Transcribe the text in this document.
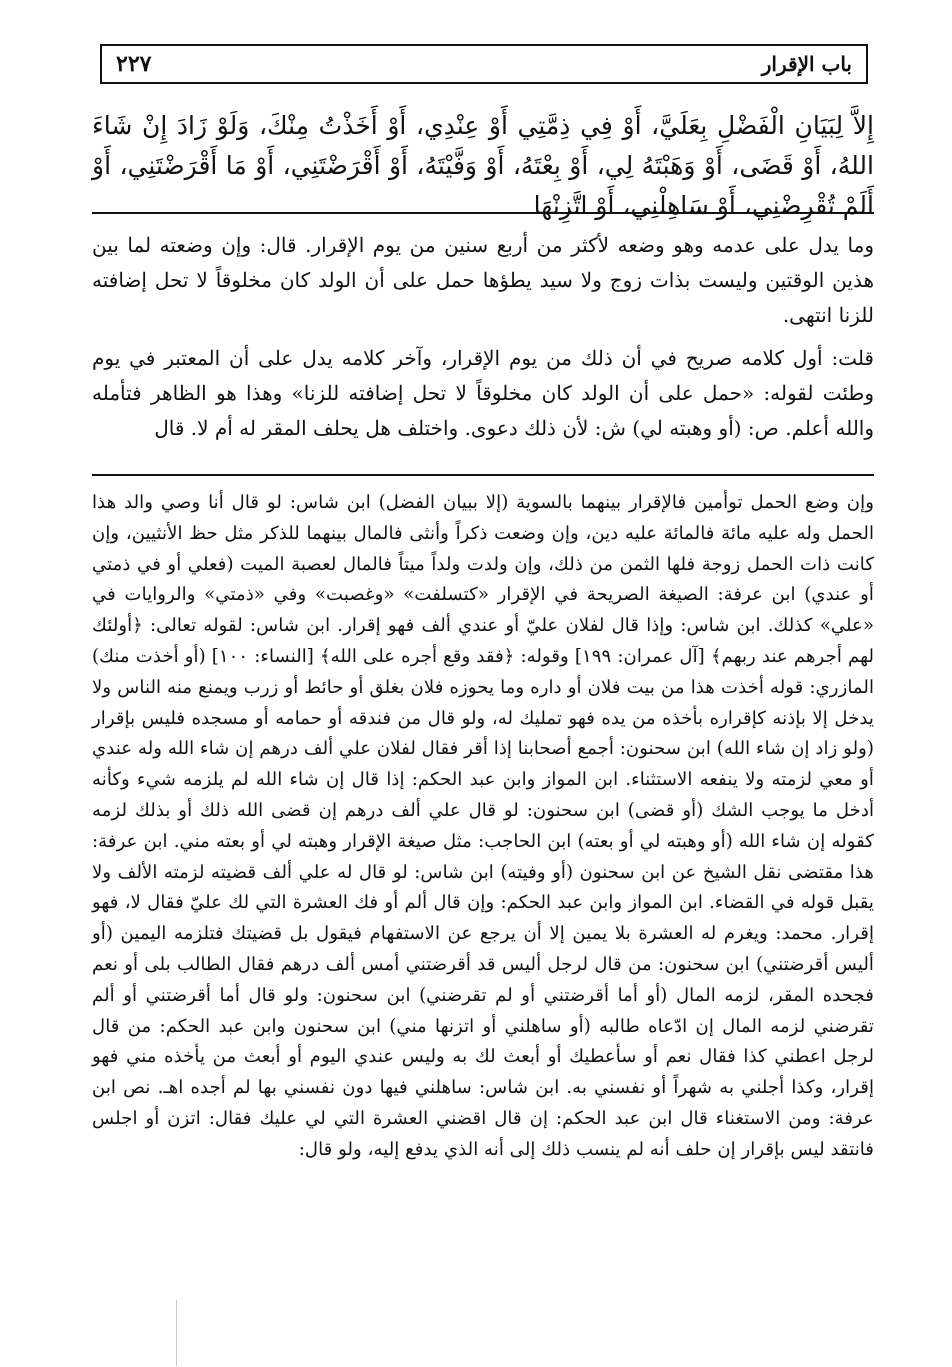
باب الإقرار
٢٢٧
إِلاَّ لِبَيَانِ الْفَضْلِ بِعَلَيَّ، أَوْ فِي ذِمَّتِي أَوْ عِنْدِي، أَوْ أَخَذْتُ مِنْكَ، وَلَوْ زَادَ إِنْ شَاءَ اللهُ، أَوْ قَضَى، أَوْ وَهَبْتَهُ لِي، أَوْ بِعْتَهُ، أَوْ وَفَّيْتَهُ، أَوْ أَقْرَضْتَنِي، أَوْ مَا أَقْرَضْتَنِي، أَوْ أَلَمْ تُقْرِضْنِي، أَوْ سَاهِلْنِي، أَوْ اتَّزِنْهَا

وما يدل على عدمه وهو وضعه لأكثر من أربع سنين من يوم الإقرار. قال: وإن وضعته لما بين هذين الوقتين وليست بذات زوج ولا سيد يطؤها حمل على أن الولد كان مخلوقاً لا تحل إضافته للزنا انتهى.

قلت: أول كلامه صريح في أن ذلك من يوم الإقرار، وآخر كلامه يدل على أن المعتبر في يوم وطئت لقوله: «حمل على أن الولد كان مخلوقاً لا تحل إضافته للزنا» وهذا هو الظاهر فتأمله والله أعلم. ص: (أو وهبته لي) ش: لأن ذلك دعوى. واختلف هل يحلف المقر له أم لا. قال

وإن وضع الحمل توأمين فالإقرار بينهما بالسوية (إلا ببيان الفضل) ابن شاس: لو قال أنا وصي والد هذا الحمل وله عليه مائة فالمائة عليه دين، وإن وضعت ذكراً وأنثى فالمال بينهما للذكر مثل حظ الأنثيين، وإن كانت ذات الحمل زوجة فلها الثمن من ذلك، وإن ولدت ولداً ميتاً فالمال لعصبة الميت (فعلي أو في ذمتي أو عندي) ابن عرفة: الصيغة الصريحة في الإقرار «كتسلفت» «وغصبت» وفي «ذمتي» والروايات في «علي» كذلك. ابن شاس: وإذا قال لفلان عليّ أو عندي ألف فهو إقرار. ابن شاس: لقوله تعالى: ﴿أولئك لهم أجرهم عند ربهم﴾ [آل عمران: ١٩٩] وقوله: ﴿فقد وقع أجره على الله﴾ [النساء: ١٠٠] (أو أخذت منك) المازري: قوله أخذت هذا من بيت فلان أو داره وما يحوزه فلان بغلق أو حائط أو زرب ويمنع منه الناس ولا يدخل إلا بإذنه كإقراره بأخذه من يده فهو تمليك له، ولو قال من فندقه أو حمامه أو مسجده فليس بإقرار (ولو زاد إن شاء الله) ابن سحنون: أجمع أصحابنا إذا أقر فقال لفلان علي ألف درهم إن شاء الله وله عندي أو معي لزمته ولا ينفعه الاستثناء. ابن المواز وابن عبد الحكم: إذا قال إن شاء الله لم يلزمه شيء وكأنه أدخل ما يوجب الشك (أو قضى) ابن سحنون: لو قال علي ألف درهم إن قضى الله ذلك أو بذلك لزمه كقوله إن شاء الله (أو وهبته لي أو بعته) ابن الحاجب: مثل صيغة الإقرار وهبته لي أو بعته مني. ابن عرفة: هذا مقتضى نقل الشيخ عن ابن سحنون (أو وفيته) ابن شاس: لو قال له علي ألف قضيته لزمته الألف ولا يقبل قوله في القضاء. ابن المواز وابن عبد الحكم: وإن قال ألم أو فك العشرة التي لك عليّ فقال لا، فهو إقرار. محمد: ويغرم له العشرة بلا يمين إلا أن يرجع عن الاستفهام فيقول بل قضيتك فتلزمه اليمين (أو أليس أقرضتني) ابن سحنون: من قال لرجل أليس قد أقرضتني أمس ألف درهم فقال الطالب بلى أو نعم فجحده المقر، لزمه المال (أو أما أقرضتني أو لم تقرضني) ابن سحنون: ولو قال أما أقرضتني أو ألم تقرضني لزمه المال إن ادّعاه طالبه (أو ساهلني أو اتزنها مني) ابن سحنون وابن عبد الحكم: من قال لرجل اعطني كذا فقال نعم أو سأعطيك أو أبعث لك به وليس عندي اليوم أو أبعث من يأخذه مني فهو إقرار، وكذا أجلني به شهراً أو نفسني به. ابن شاس: ساهلني فيها دون نفسني بها لم أجده اهـ. نص ابن عرفة: ومن الاستغناء قال ابن عبد الحكم: إن قال اقضني العشرة التي لي عليك فقال: اتزن أو اجلس فانتقد ليس بإقرار إن حلف أنه لم ينسب ذلك إلى أنه الذي يدفع إليه، ولو قال:
